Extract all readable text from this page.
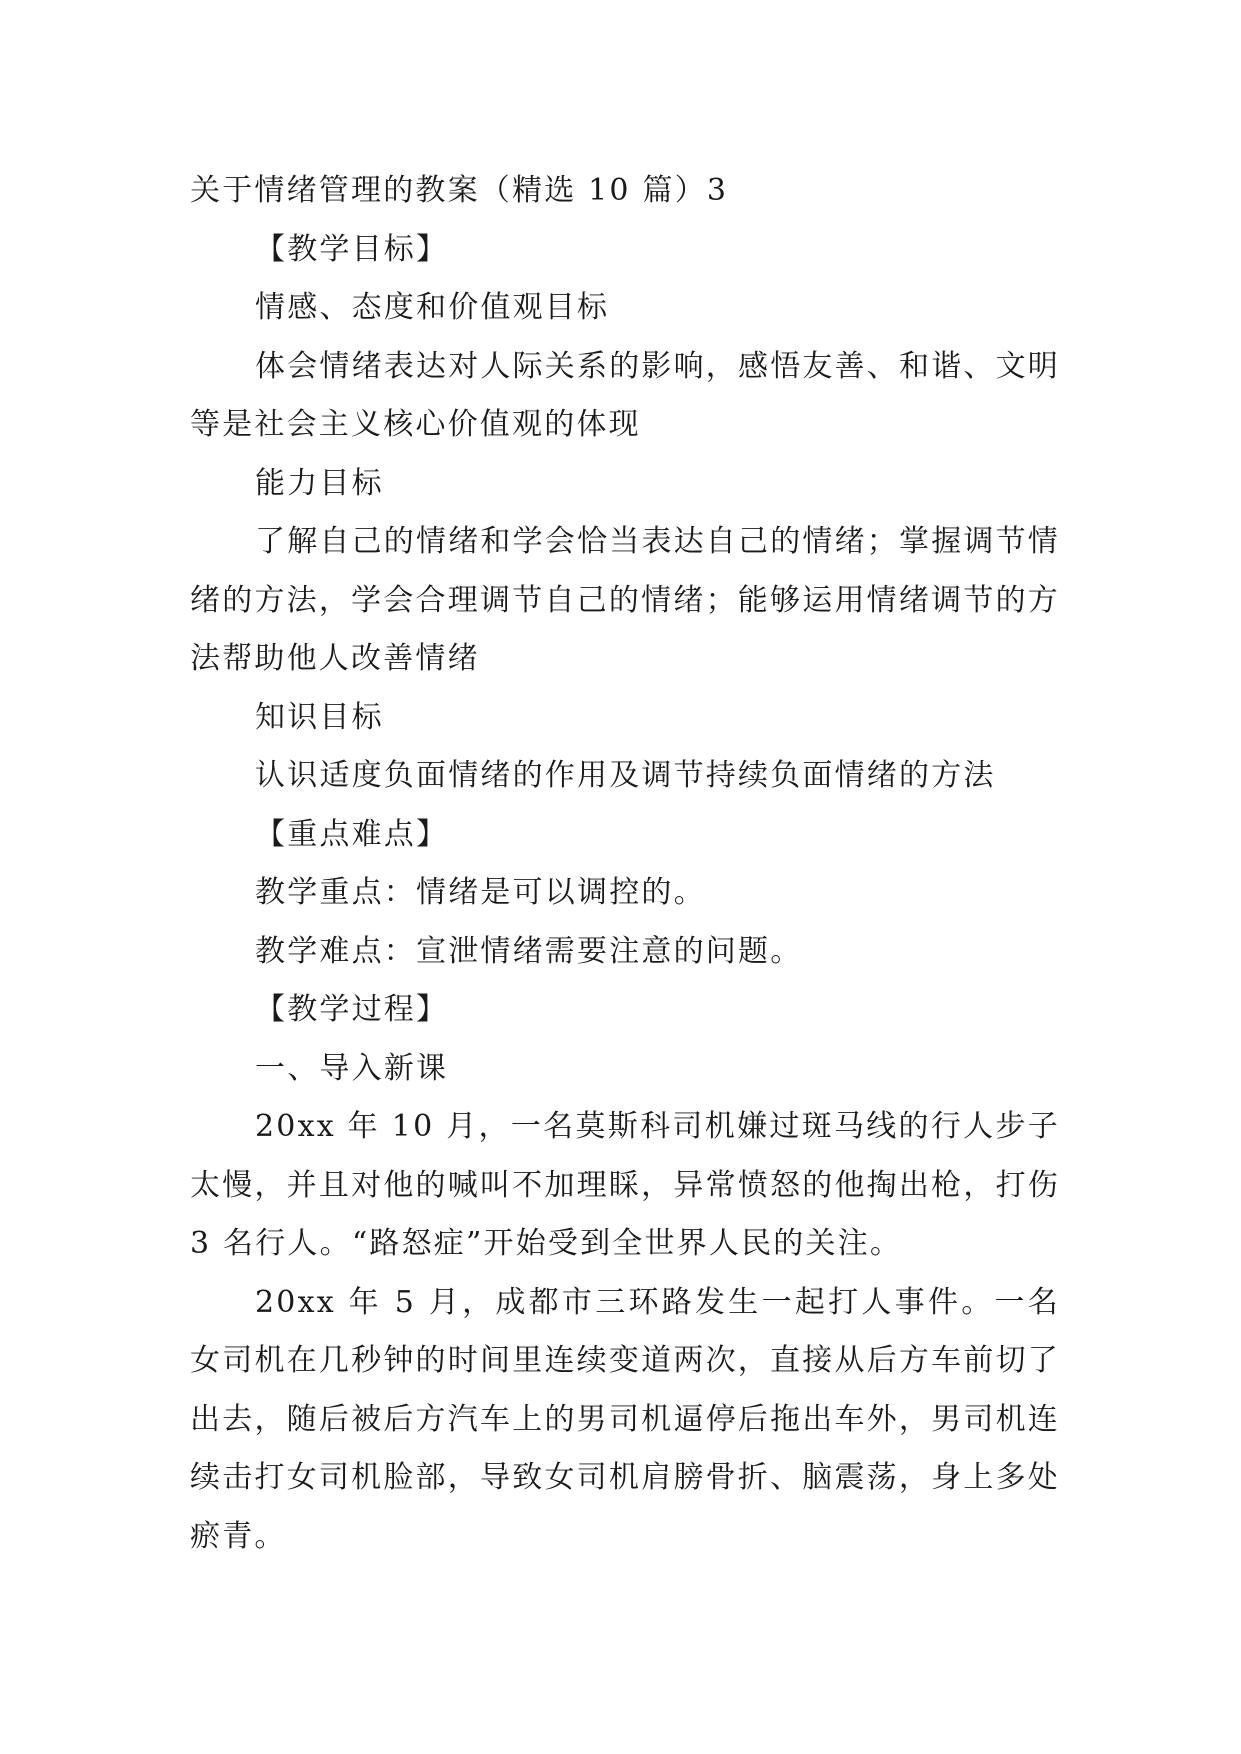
关于情绪管理的教案（精选 10 篇）3

【教学目标】

情感、态度和价值观目标

体会情绪表达对人际关系的影响，感悟友善、和谐、文明等是社会主义核心价值观的体现

能力目标

了解自己的情绪和学会恰当表达自己的情绪；掌握调节情绪的方法，学会合理调节自己的情绪；能够运用情绪调节的方法帮助他人改善情绪

知识目标

认识适度负面情绪的作用及调节持续负面情绪的方法

【重点难点】

教学重点：情绪是可以调控的。

教学难点：宣泄情绪需要注意的问题。

【教学过程】

一、导入新课

20xx 年 10 月，一名莫斯科司机嫌过斑马线的行人步子太慢，并且对他的喊叫不加理睬，异常愤怒的他掏出枪，打伤 3 名行人。“路怒症”开始受到全世界人民的关注。

20xx 年 5 月，成都市三环路发生一起打人事件。一名女司机在几秒钟的时间里连续变道两次，直接从后方车前切了出去，随后被后方汽车上的男司机逼停后拖出车外，男司机连续击打女司机脸部，导致女司机肩膀骨折、脑震荡，身上多处瘀青。
